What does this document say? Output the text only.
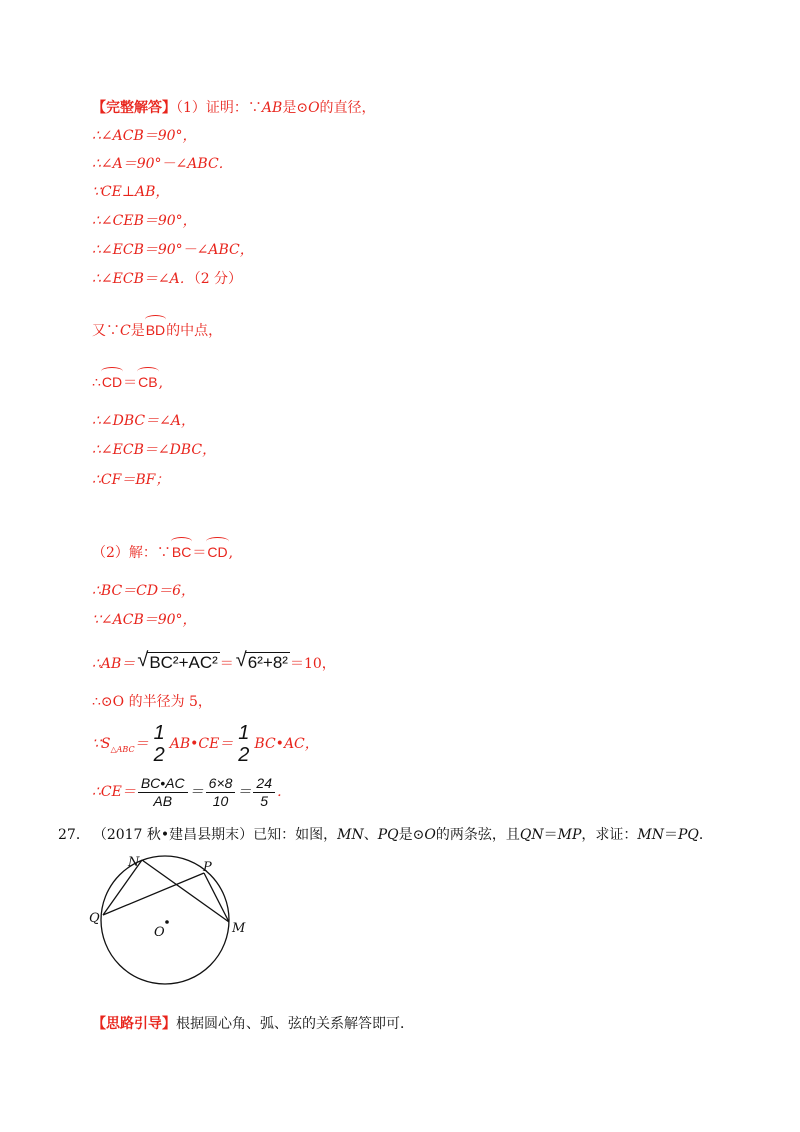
【完整解答】（1）证明：∵AB是⊙O的直径，
∴∠ACB＝90°，
∴∠A＝90°－∠ABC．
∵CE⊥AB，
∴∠CEB＝90°，
∴∠ECB＝90°－∠ABC，
∴∠ECB＝∠A．（2 分）
又∵C是BD的中点，
∴CD＝CB,
∴∠DBC＝∠A，
∴∠ECB＝∠DBC，
∴CF＝BF；
（2）解：∵BC＝CD,
∴BC＝CD＝6，
∵∠ACB＝90°，
∴AB＝ √ BC²+AC² ＝ √ 6²+8² ＝10，
∴⊙O 的半径为 5，
$\because S_{\triangle ABC}= 1$
2 AB•CE＝ 1
2 BC•AC，
∴CE＝ $\frac{BC•AC}{AB} = \frac{6\times 8}{10} = \frac{24}{5}$ ．
27． （2017 秋•建昌县期末）已知：如图，MN、PQ是⊙O的两条弦，且QN＝MP，求证：MN＝PQ．
N	P
Q
M
O
【思路引导】根据圆心角、弧、弦的关系解答即可．
